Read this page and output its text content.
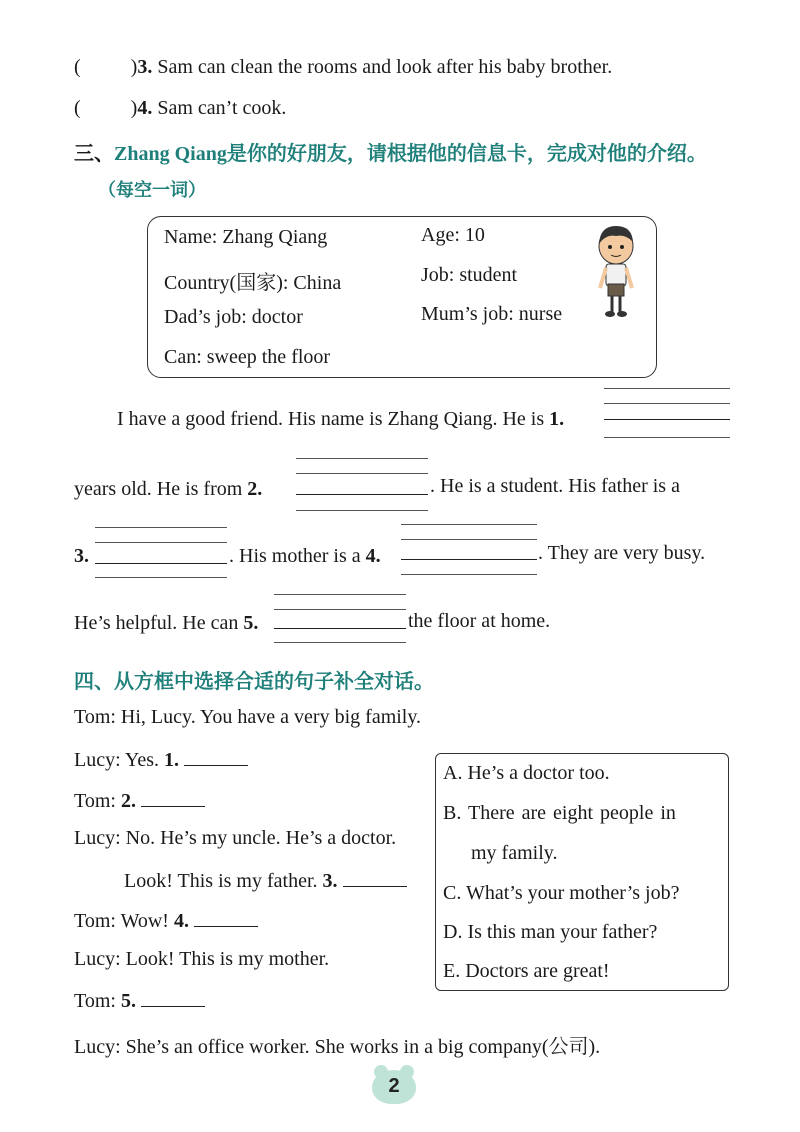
(	)3. Sam can clean the rooms and look after his baby brother.
(	)4. Sam can’t cook.
三、Zhang Qiang是你的好朋友，请根据他的信息卡，完成对他的介绍。
（每空一词）
Name: Zhang Qiang	Age: 10
Country(国家): China	Job: student
Dad’s job: doctor	Mum’s job: nurse
Can: sweep the floor
I have a good friend. His name is Zhang Qiang. He is 1.
years old. He is from 2.	. He is a student. His father is a
3.	. His mother is a 4.	. They are very busy.
He’s helpful. He can 5.	the floor at home.
四、从方框中选择合适的句子补全对话。
Tom: Hi, Lucy. You have a very big family.
Lucy: Yes. 1.
Tom: 2.
Lucy: No. He’s my uncle. He’s a doctor.
Look! This is my father. 3.
Tom: Wow! 4.
Lucy: Look! This is my mother.
Tom: 5.
Lucy: She’s an office worker. She works in a big company(公司).
A. He’s a doctor too.
B. There are eight people in
my family.
C. What’s your mother’s job?
D. Is this man your father?
E. Doctors are great!
2
